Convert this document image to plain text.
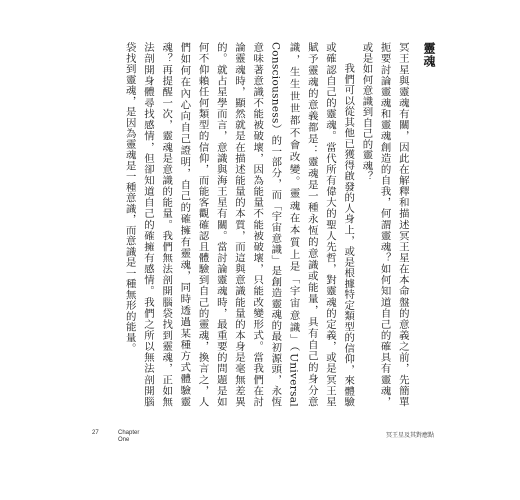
靈魂

冥王星與靈魂有關，因此在解釋和描述冥王星在本命盤的意義之前，先簡單扼要討論靈魂和靈魂創造的自我，何謂靈魂？如何知道自己的確具有靈魂，或是如何意識到自己的靈魂？

我們可以從其他已獲得啟發的人身上，或是根據特定類型的信仰，來體驗或確認自己的靈魂。當代所有偉大的聖人先哲，對靈魂的定義，或是冥王星賦予靈魂的意義都是：靈魂是一種永恆的意識或能量，具有自己的身分意識，生生世世都不會改變。靈魂在本質上是「宇宙意識」（Universal Consciousness）的一部分，而「宇宙意識」是創造靈魂的最初源頭，永恆意味著意識不能被破壞，因為能量不能被破壞，只能改變形式。當我們在討論靈魂時，顯然就是在描述能量的本質，而這與意識能量的本身是毫無差異的。就占星學而言，意識與海王星有關。當討論靈魂時，最重要的問題是如何不仰賴任何類型的信仰，而能客觀確認且體驗到自己的靈魂，換言之，人們如何在內心向自己證明，自己的確擁有靈魂，同時透過某種方式體驗靈魂？再提醒一次，靈魂是意識的能量。我們無法剖開腦袋找到靈魂，正如無法剖開身體尋找感情，但卻知道自己的確擁有感情。我們之所以無法剖開腦袋找到靈魂，是因為靈魂是一種意識，而意識是一種無形的能量。

27	Chapter
One
冥王星及其對應點
